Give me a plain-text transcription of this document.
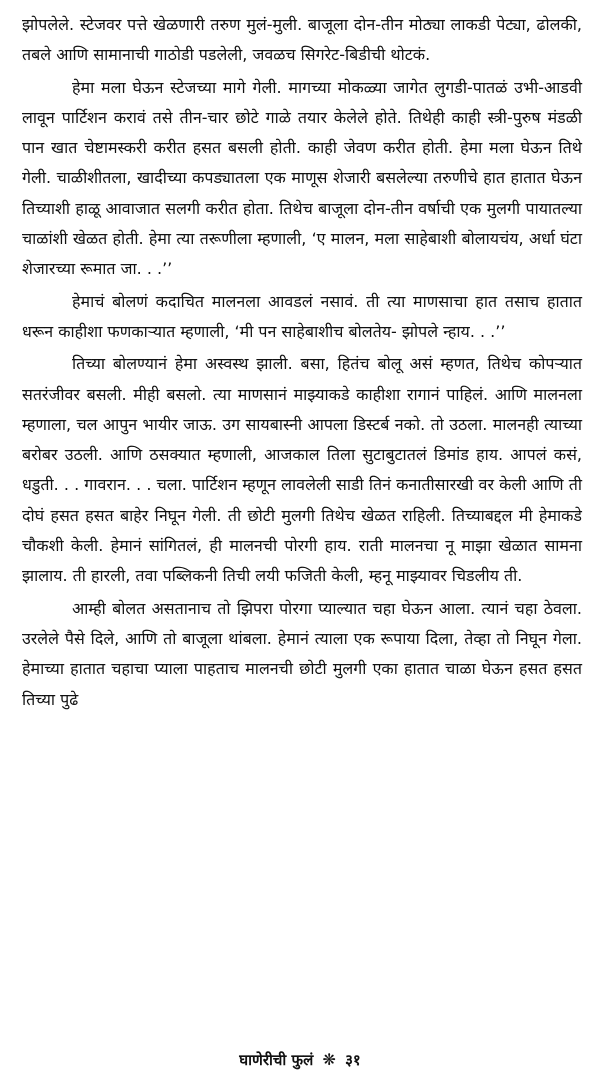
झोपलेले. स्टेजवर पत्ते खेळणारी तरुण मुलं-मुली. बाजूला दोन-तीन मोठ्या लाकडी पेट्या, ढोलकी, तबले आणि सामानाची गाठोडी पडलेली, जवळच सिगरेट-बिडीची थोटकं.

हेमा मला घेऊन स्टेजच्या मागे गेली. मागच्या मोकळ्या जागेत लुगडी-पातळं उभी-आडवी लावून पार्टिशन करावं तसे तीन-चार छोटे गाळे तयार केलेले होते. तिथेही काही स्त्री-पुरुष मंडळी पान खात चेष्टामस्करी करीत हसत बसली होती. काही जेवण करीत होती. हेमा मला घेऊन तिथे गेली. चाळीशीतला, खादीच्या कपड्यातला एक माणूस शेजारी बसलेल्या तरुणीचे हात हातात घेऊन तिच्याशी हाळू आवाजात सलगी करीत होता. तिथेच बाजूला दोन-तीन वर्षाची एक मुलगी पायातल्या चाळांशी खेळत होती. हेमा त्या तरूणीला म्हणाली, ‘ए मालन, मला साहेबाशी बोलायचंय, अर्धा घंटा शेजारच्या रूमात जा. . .’’

हेमाचं बोलणं कदाचित मालनला आवडलं नसावं. ती त्या माणसाचा हात तसाच हातात धरून काहीशा फणकाऱ्यात म्हणाली, ‘मी पन साहेबाशीच बोलतेय- झोपले न्हाय. . .’’

तिच्या बोलण्यानं हेमा अस्वस्थ झाली. बसा, हितंच बोलू असं म्हणत, तिथेच कोपऱ्यात सतरंजीवर बसली. मीही बसलो. त्या माणसानं माझ्याकडे काहीशा रागानं पाहिलं. आणि मालनला म्हणाला, चल आपुन भायीर जाऊ. उग सायबास्नी आपला डिस्टर्ब नको. तो उठला. मालनही त्याच्या बरोबर उठली. आणि ठसक्यात म्हणाली, आजकाल तिला सुटाबुटातलं डिमांड हाय. आपलं कसं, धडुती. . . गावरान. . . चला. पार्टिशन म्हणून लावलेली साडी तिनं कनातीसारखी वर केली आणि ती दोघं हसत हसत बाहेर निघून गेली. ती छोटी मुलगी तिथेच खेळत राहिली. तिच्याबद्दल मी हेमाकडे चौकशी केली. हेमानं सांगितलं, ही मालनची पोरगी हाय. राती मालनचा नू माझा खेळात सामना झालाय. ती हारली, तवा पब्लिकनी तिची लयी फजिती केली, म्हनू माझ्यावर चिडलीय ती.

आम्ही बोलत असतानाच तो झिपरा पोरगा प्याल्यात चहा घेऊन आला. त्यानं चहा ठेवला. उरलेले पैसे दिले, आणि तो बाजूला थांबला. हेमानं त्याला एक रूपाया दिला, तेव्हा तो निघून गेला. हेमाच्या हातात चहाचा प्याला पाहताच मालनची छोटी मुलगी एका हातात चाळा घेऊन हसत हसत तिच्या पुढे

घाणेरीची फुलं ❋ ३१
